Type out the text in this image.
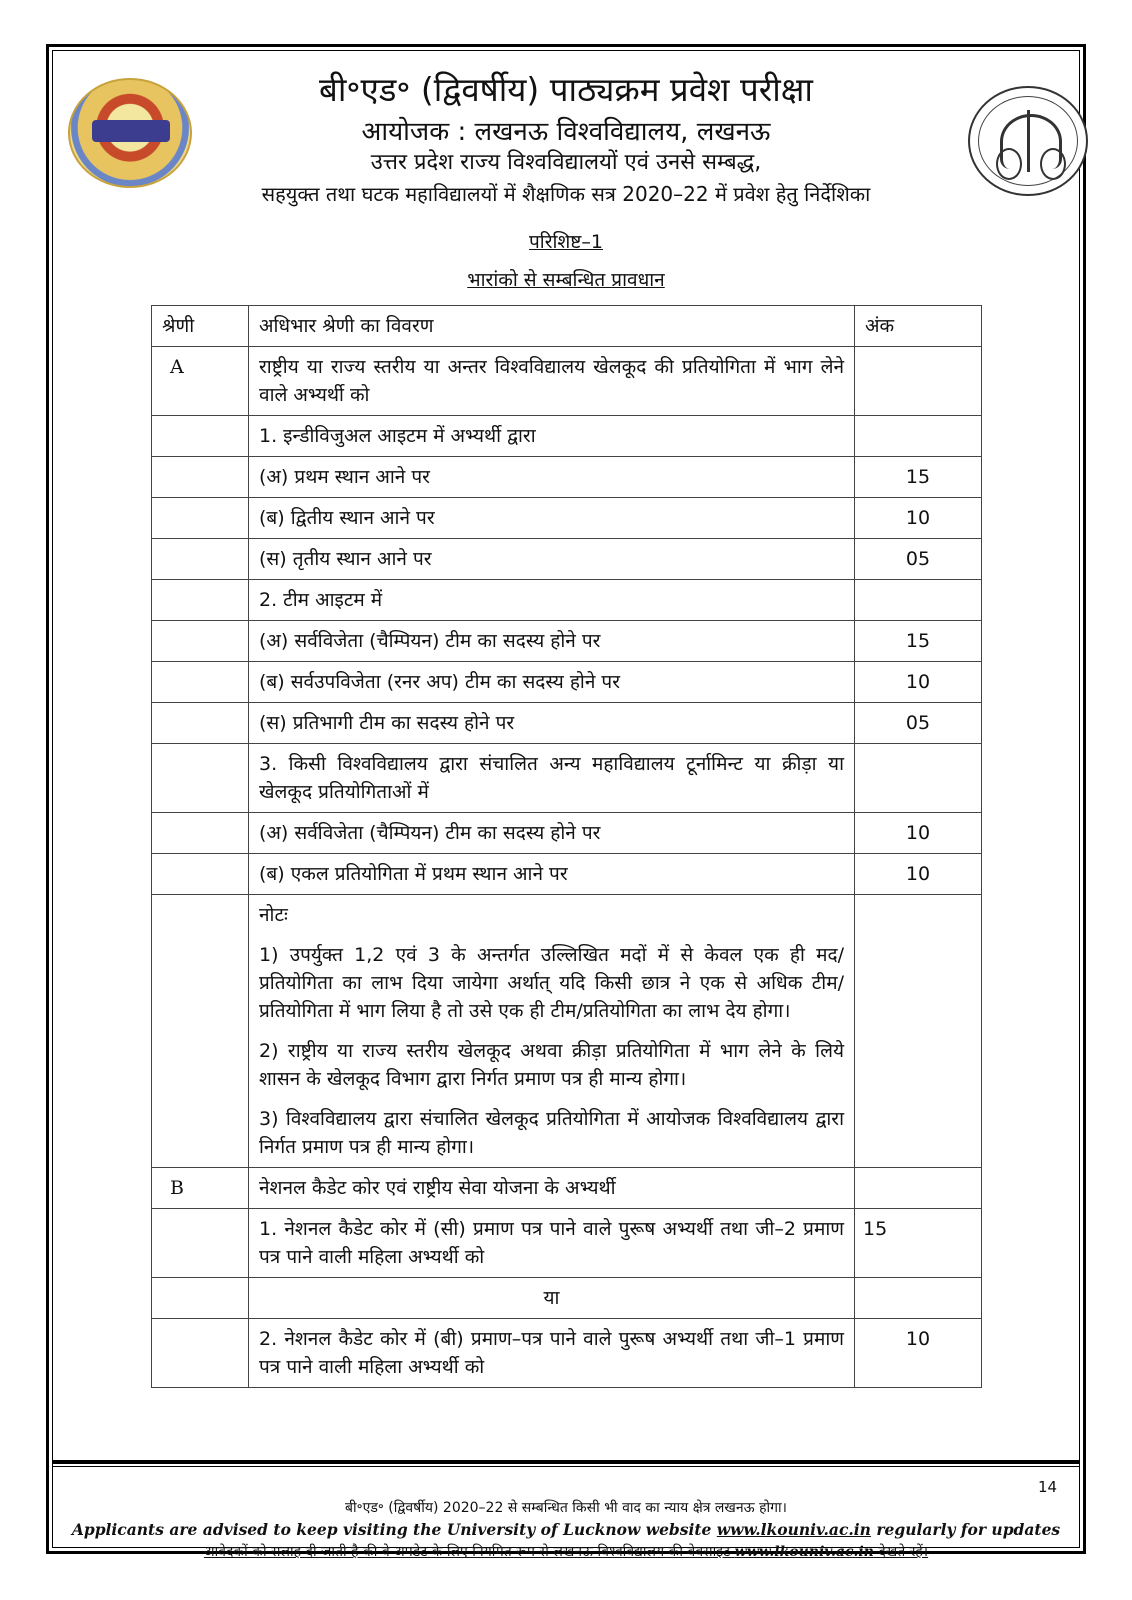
बी॰एड॰ (द्विवर्षीय) पाठ्यक्रम प्रवेश परीक्षा
आयोजक : लखनऊ विश्वविद्यालय, लखनऊ
उत्तर प्रदेश राज्य विश्वविद्यालयों एवं उनसे सम्बद्ध,
सहयुक्त तथा घटक महाविद्यालयों में शैक्षणिक सत्र 2020–22 में प्रवेश हेतु निर्देशिका
परिशिष्ट–1
भारांको से सम्बन्धित प्रावधान
श्रेणी	अधिभार श्रेणी का विवरण	अंक
A	राष्ट्रीय या राज्य स्तरीय या अन्तर विश्वविद्यालय खेलकूद की प्रतियोगिता में भाग लेने वाले अभ्यर्थी को	
	1. इन्डीविजुअल आइटम में अभ्यर्थी द्वारा	
	(अ) प्रथम स्थान आने पर	15
	(ब) द्वितीय स्थान आने पर	10
	(स) तृतीय स्थान आने पर	05
	2. टीम आइटम में	
	(अ) सर्वविजेता (चैम्पियन) टीम का सदस्य होने पर	15
	(ब) सर्वउपविजेता (रनर अप) टीम का सदस्य होने पर	10
	(स) प्रतिभागी टीम का सदस्य होने पर	05
	3. किसी विश्वविद्यालय द्वारा संचालित अन्य महाविद्यालय टूर्नामिन्ट या क्रीड़ा या खेलकूद प्रतियोगिताओं में	
	(अ) सर्वविजेता (चैम्पियन) टीम का सदस्य होने पर	10
	(ब) एकल प्रतियोगिता में प्रथम स्थान आने पर	10

	नोटः

1) उपर्युक्त 1,2 एवं 3 के अन्तर्गत उल्लिखित मदों में से केवल एक ही मद/प्रतियोगिता का लाभ दिया जायेगा अर्थात् यदि किसी छात्र ने एक से अधिक टीम/प्रतियोगिता में भाग लिया है तो उसे एक ही टीम/प्रतियोगिता का लाभ देय होगा।

2) राष्ट्रीय या राज्य स्तरीय खेलकूद अथवा क्रीड़ा प्रतियोगिता में भाग लेने के लिये शासन के खेलकूद विभाग द्वारा निर्गत प्रमाण पत्र ही मान्य होगा।

3) विश्वविद्यालय द्वारा संचालित खेलकूद प्रतियोगिता में आयोजक विश्वविद्यालय द्वारा निर्गत प्रमाण पत्र ही मान्य होगा।	

B	नेशनल कैडेट कोर एवं राष्ट्रीय सेवा योजना के अभ्यर्थी	
	1. नेशनल कैडेट कोर में (सी) प्रमाण पत्र पाने वाले पुरूष अभ्यर्थी तथा जी–2 प्रमाण पत्र पाने वाली महिला अभ्यर्थी को	15
	या	
	2. नेशनल कैडेट कोर में (बी) प्रमाण–पत्र पाने वाले पुरूष अभ्यर्थी तथा जी–1 प्रमाण पत्र पाने वाली महिला अभ्यर्थी को	10
14
बी॰एड॰ (द्विवर्षीय) 2020–22 से सम्बन्धित किसी भी वाद का न्याय क्षेत्र लखनऊ होगा।
Applicants are advised to keep visiting the University of Lucknow website www.lkouniv.ac.in regularly for updates
आवेदकों को सलाह दी जाती है की वे अपडेट के लिए नियमित रूप से लखनऊ विश्वविद्यालय की वेबसाइट www.lkouniv.ac.in देखते रहें।
